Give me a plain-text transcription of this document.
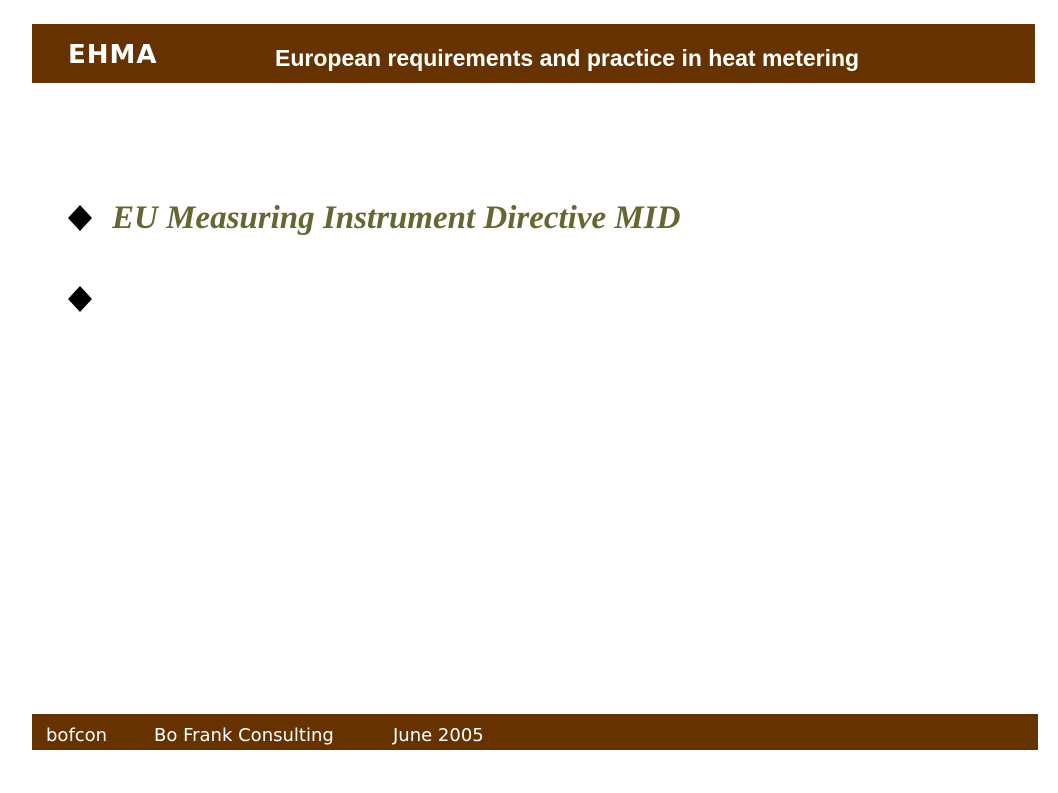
EHMA	European requirements and practice in heat metering
EU Measuring Instrument Directive MID
bofcon	Bo Frank Consulting	June 2005
